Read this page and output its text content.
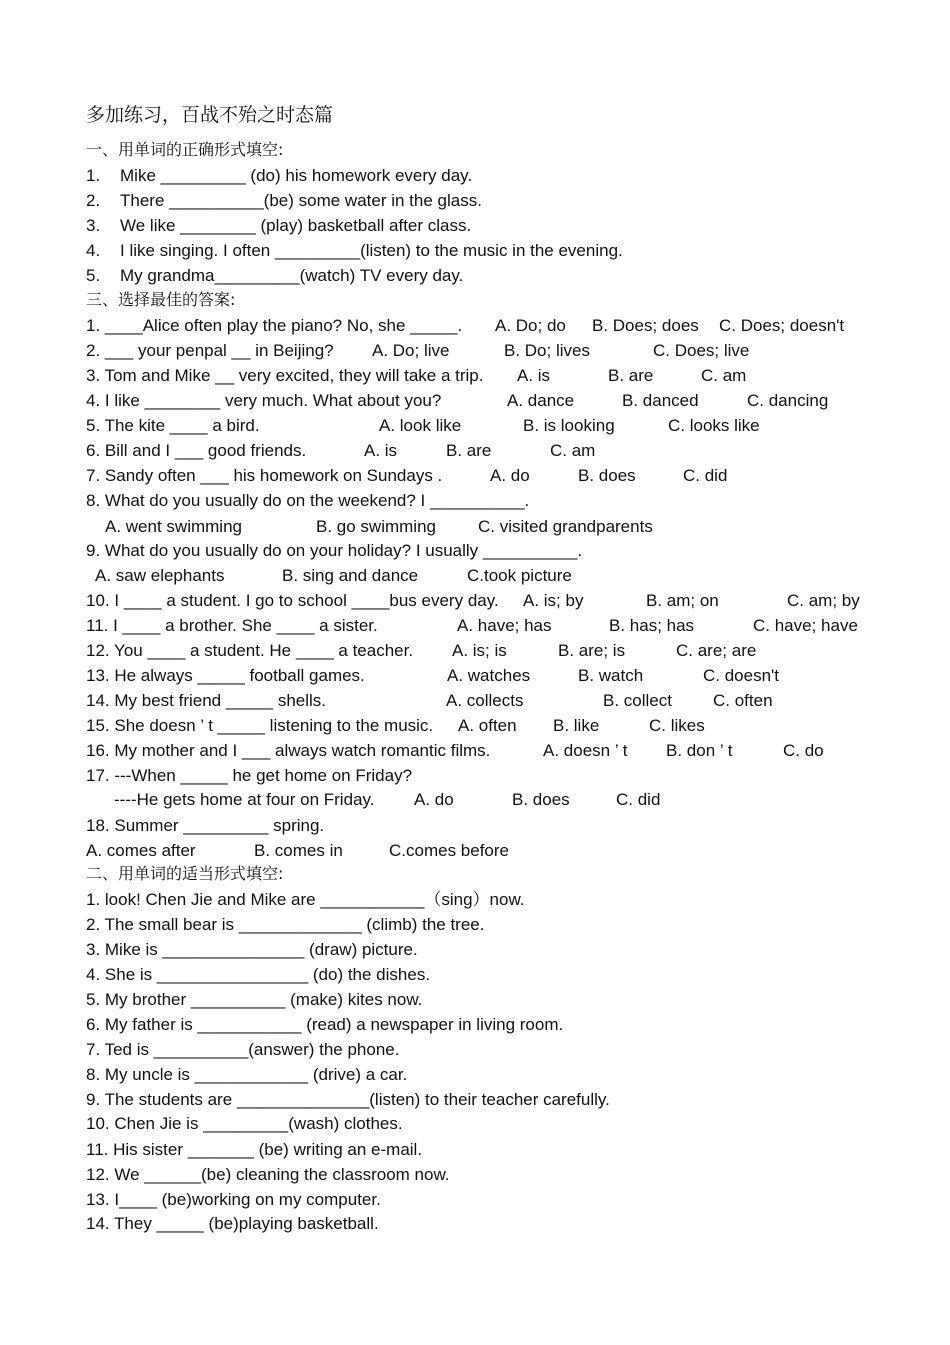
多加练习，百战不殆之时态篇
一、用单词的正确形式填空:
1. Mike _________ (do) his homework every day.
2. There __________(be) some water in the glass.
3. We like ________ (play) basketball after class.
4. I like singing. I often _________(listen) to the music in the evening.
5. My grandma_________(watch) TV every day.
三、选择最佳的答案:
1. ____Alice often play the piano? No, she _____. A. Do; do B. Does; does C. Does; doesn't
2. ___ your penpal __ in Beijing? A. Do; live	B. Do; lives	C. Does; live
3. Tom and Mike __ very excited, they will take a trip. A. is	B. are	C. am
4. I like ________ very much. What about you?	A. dance	B. danced	C. dancing
5. The kite ____ a bird.	A. look like	B. is looking	C. looks like
6. Bill and I ___ good friends.	A. is	B. are	C. am
7. Sandy often ___ his homework on Sundays .	A. do	B. does	C. did
8. What do you usually do on the weekend? I __________.
A. went swimming	B. go swimming C. visited grandparents
9. What do you usually do on your holiday? I usually __________.
A. saw elephants	B. sing and dance	C.took picture
10. I ____ a student. I go to school ____bus every day. A. is; by	B. am; on	C. am; by
11. I ____ a brother. She ____ a sister.	A. have; has	B. has; has	C. have; have
12. You ____ a student. He ____ a teacher. A. is; is	B. are; is	C. are; are
13. He always _____ football games.	A. watches	B. watch	C. doesn't
14. My best friend _____ shells.	A. collects	B. collect C. often
15. She doesn ’ t _____ listening to the music. A. often B. like	C. likes
16. My mother and I ___ always watch romantic films.	A. doesn ’ t B. don ’ t	C. do
17. ---When _____ he get home on Friday?
----He gets home at four on Friday. A. do	B. does	C. did
18. Summer _________ spring.
A. comes after	B. comes in	C.comes before
二、用单词的适当形式填空:
1. look! Chen Jie and Mike are ___________（sing）now.
2. The small bear is _____________ (climb) the tree.
3. Mike is _______________ (draw) picture.
4. She is ________________ (do) the dishes.
5. My brother __________ (make) kites now.
6. My father is ___________ (read) a newspaper in living room.
7. Ted is __________(answer) the phone.
8. My uncle is ____________ (drive) a car.
9. The students are ______________(listen) to their teacher carefully.
10. Chen Jie is _________(wash) clothes.
11. His sister _______ (be) writing an e-mail.
12. We ______(be) cleaning the classroom now.
13. I____ (be)working on my computer.
14. They _____ (be)playing basketball.
